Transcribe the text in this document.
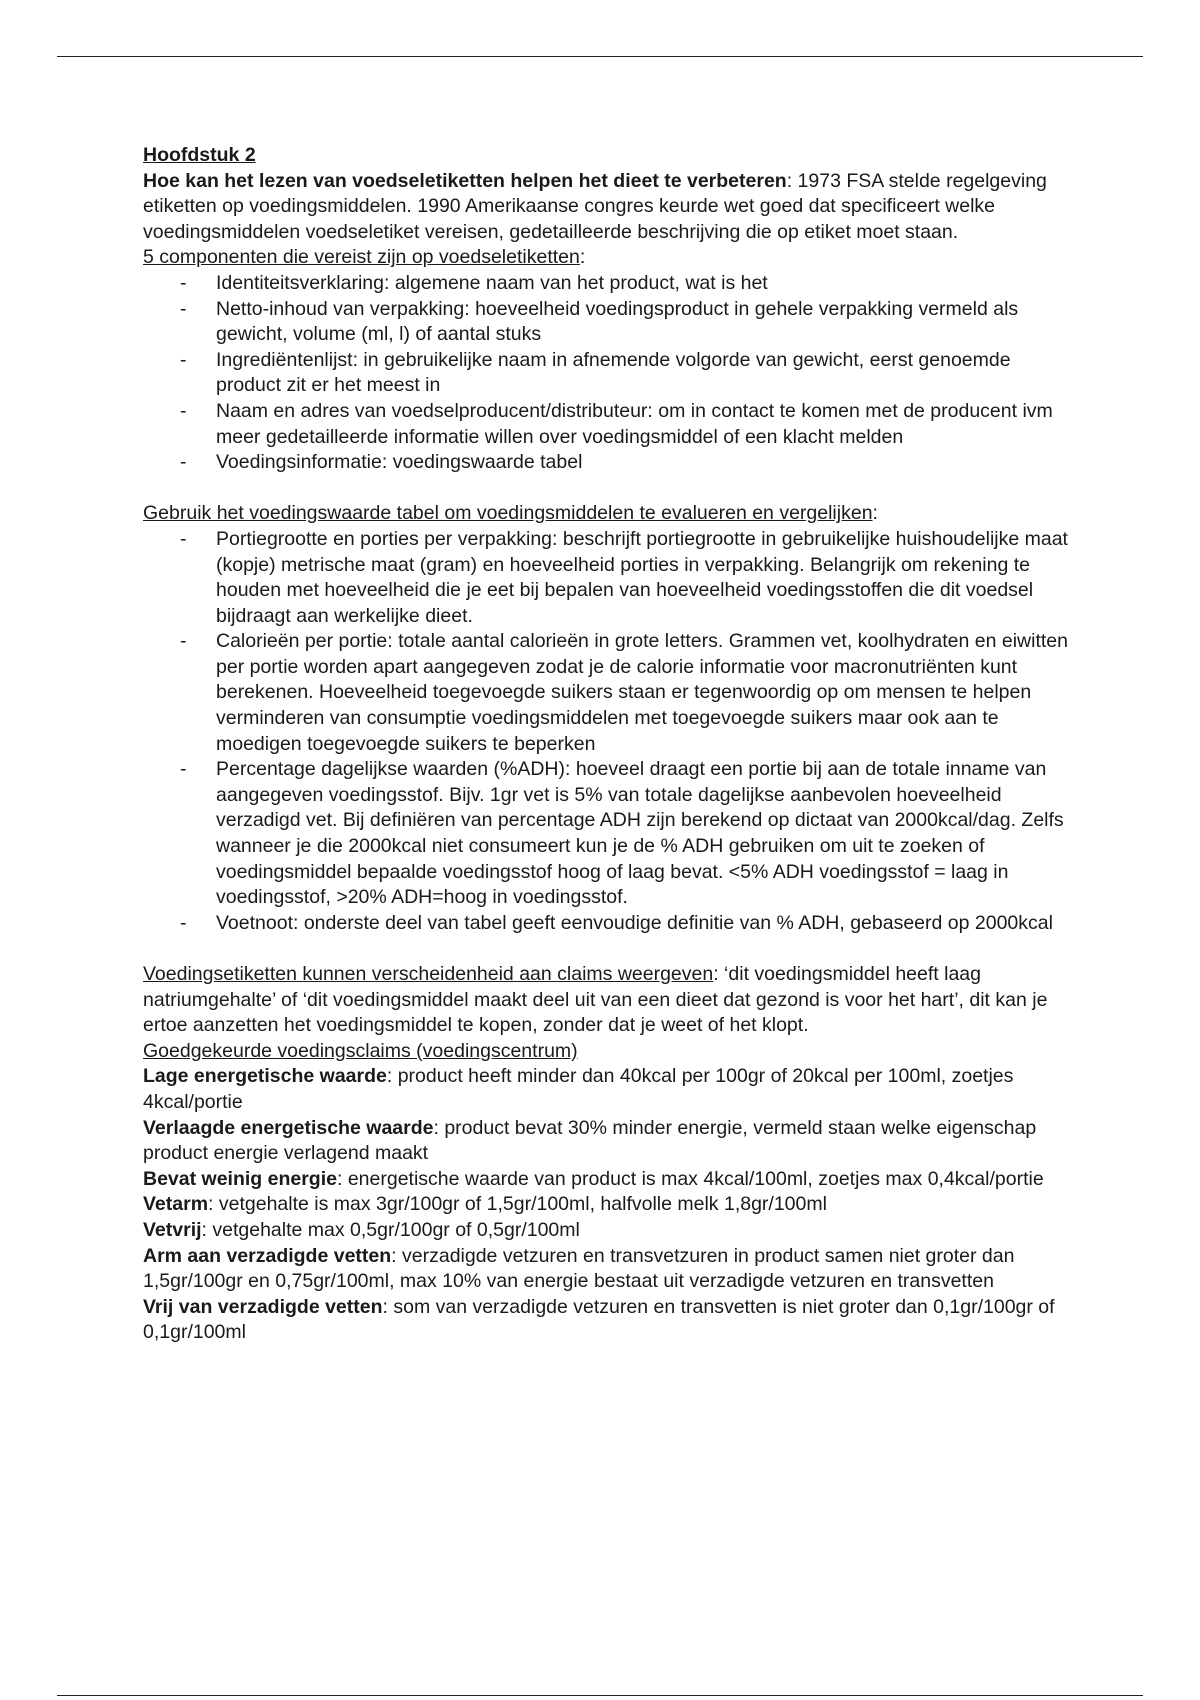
Hoofdstuk 2

Hoe kan het lezen van voedseletiketten helpen het dieet te verbeteren: 1973 FSA stelde regelgeving etiketten op voedingsmiddelen. 1990 Amerikaanse congres keurde wet goed dat specificeert welke voedingsmiddelen voedseletiket vereisen, gedetailleerde beschrijving die op etiket moet staan.

5 componenten die vereist zijn op voedseletiketten:

- Identiteitsverklaring: algemene naam van het product, wat is het
- Netto-inhoud van verpakking: hoeveelheid voedingsproduct in gehele verpakking vermeld als gewicht, volume (ml, l) of aantal stuks
- Ingrediëntenlijst: in gebruikelijke naam in afnemende volgorde van gewicht, eerst genoemde product zit er het meest in
- Naam en adres van voedselproducent/distributeur: om in contact te komen met de producent ivm meer gedetailleerde informatie willen over voedingsmiddel of een klacht melden
- Voedingsinformatie: voedingswaarde tabel

Gebruik het voedingswaarde tabel om voedingsmiddelen te evalueren en vergelijken:

- Portiegrootte en porties per verpakking: beschrijft portiegrootte in gebruikelijke huishoudelijke maat (kopje) metrische maat (gram) en hoeveelheid porties in verpakking. Belangrijk om rekening te houden met hoeveelheid die je eet bij bepalen van hoeveelheid voedingsstoffen die dit voedsel bijdraagt aan werkelijke dieet.
- Calorieën per portie: totale aantal calorieën in grote letters. Grammen vet, koolhydraten en eiwitten per portie worden apart aangegeven zodat je de calorie informatie voor macronutriënten kunt berekenen. Hoeveelheid toegevoegde suikers staan er tegenwoordig op om mensen te helpen verminderen van consumptie voedingsmiddelen met toegevoegde suikers maar ook aan te moedigen toegevoegde suikers te beperken
- Percentage dagelijkse waarden (%ADH): hoeveel draagt een portie bij aan de totale inname van aangegeven voedingsstof. Bijv. 1gr vet is 5% van totale dagelijkse aanbevolen hoeveelheid verzadigd vet. Bij definiëren van percentage ADH zijn berekend op dictaat van 2000kcal/dag. Zelfs wanneer je die 2000kcal niet consumeert kun je de % ADH gebruiken om uit te zoeken of voedingsmiddel bepaalde voedingsstof hoog of laag bevat. <5% ADH voedingsstof = laag in voedingsstof, >20% ADH=hoog in voedingsstof.
- Voetnoot: onderste deel van tabel geeft eenvoudige definitie van % ADH, gebaseerd op 2000kcal

Voedingsetiketten kunnen verscheidenheid aan claims weergeven: ‘dit voedingsmiddel heeft laag natriumgehalte’ of ‘dit voedingsmiddel maakt deel uit van een dieet dat gezond is voor het hart’, dit kan je ertoe aanzetten het voedingsmiddel te kopen, zonder dat je weet of het klopt.

Goedgekeurde voedingsclaims (voedingscentrum)

Lage energetische waarde: product heeft minder dan 40kcal per 100gr of 20kcal per 100ml, zoetjes 4kcal/portie

Verlaagde energetische waarde: product bevat 30% minder energie, vermeld staan welke eigenschap product energie verlagend maakt

Bevat weinig energie: energetische waarde van product is max 4kcal/100ml, zoetjes max 0,4kcal/portie

Vetarm: vetgehalte is max 3gr/100gr of 1,5gr/100ml, halfvolle melk 1,8gr/100ml

Vetvrij: vetgehalte max 0,5gr/100gr of 0,5gr/100ml

Arm aan verzadigde vetten: verzadigde vetzuren en transvetzuren in product samen niet groter dan 1,5gr/100gr en 0,75gr/100ml, max 10% van energie bestaat uit verzadigde vetzuren en transvetten

Vrij van verzadigde vetten: som van verzadigde vetzuren en transvetten is niet groter dan 0,1gr/100gr of 0,1gr/100ml
